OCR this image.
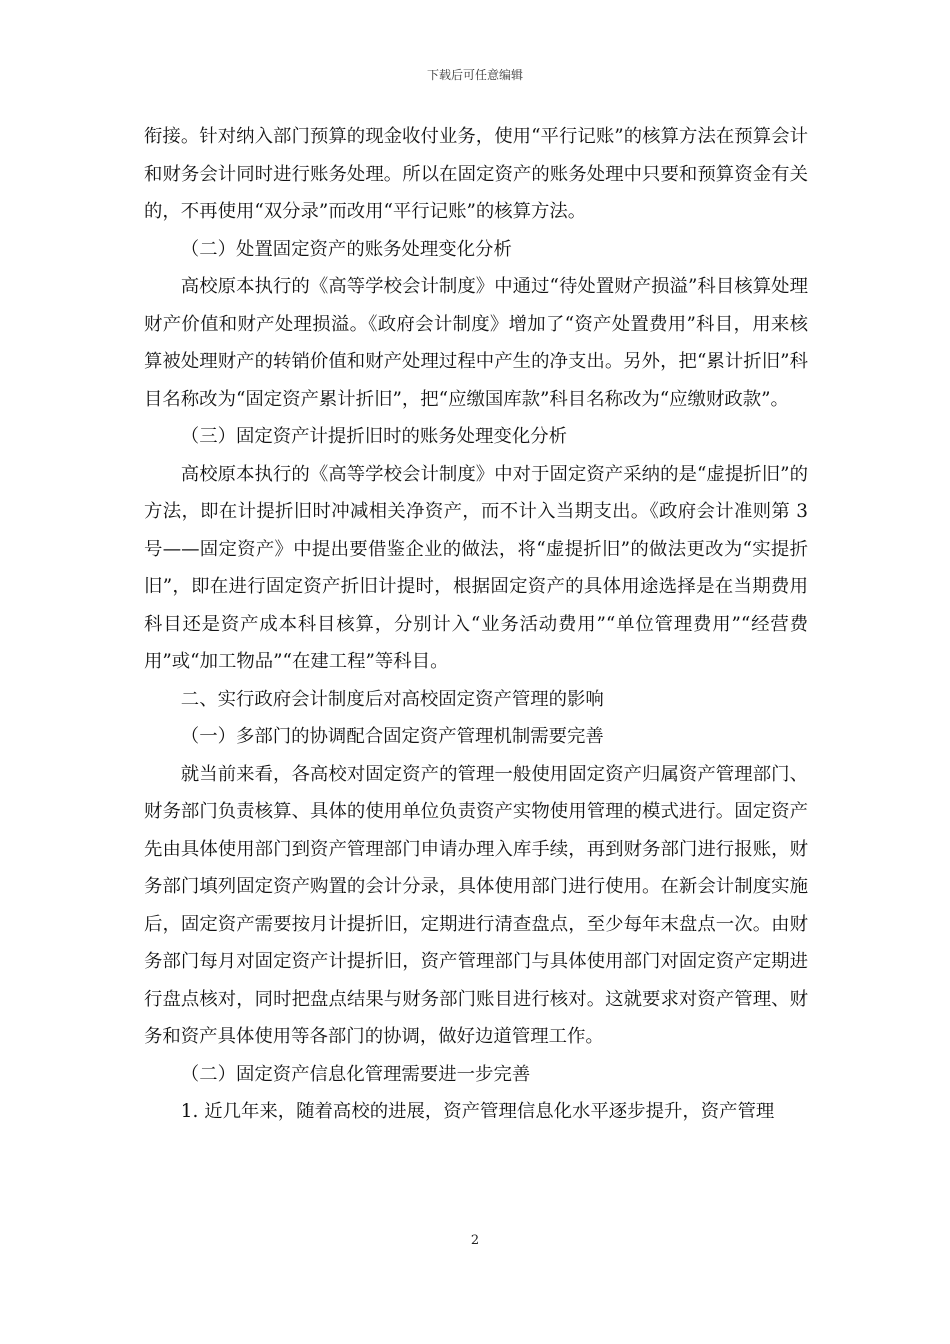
下载后可任意编辑

衔接。针对纳入部门预算的现金收付业务，使用“平行记账”的核算方法在预算会计和财务会计同时进行账务处理。所以在固定资产的账务处理中只要和预算资金有关的，不再使用“双分录”而改用“平行记账”的核算方法。

（二）处置固定资产的账务处理变化分析

高校原本执行的《高等学校会计制度》中通过“待处置财产损溢”科目核算处理财产价值和财产处理损溢。《政府会计制度》增加了“资产处置费用”科目，用来核算被处理财产的转销价值和财产处理过程中产生的净支出。另外，把“累计折旧”科目名称改为“固定资产累计折旧”，把“应缴国库款”科目名称改为“应缴财政款”。

（三）固定资产计提折旧时的账务处理变化分析

高校原本执行的《高等学校会计制度》中对于固定资产采纳的是“虚提折旧”的方法，即在计提折旧时冲减相关净资产，而不计入当期支出。《政府会计准则第 3 号——固定资产》中提出要借鉴企业的做法，将“虚提折旧”的做法更改为“实提折旧”，即在进行固定资产折旧计提时，根据固定资产的具体用途选择是在当期费用科目还是资产成本科目核算，分别计入“业务活动费用”“单位管理费用”“经营费用”或“加工物品”“在建工程”等科目。

二、实行政府会计制度后对高校固定资产管理的影响

（一）多部门的协调配合固定资产管理机制需要完善

就当前来看，各高校对固定资产的管理一般使用固定资产归属资产管理部门、财务部门负责核算、具体的使用单位负责资产实物使用管理的模式进行。固定资产先由具体使用部门到资产管理部门申请办理入库手续，再到财务部门进行报账，财务部门填列固定资产购置的会计分录，具体使用部门进行使用。在新会计制度实施后，固定资产需要按月计提折旧，定期进行清查盘点，至少每年末盘点一次。由财务部门每月对固定资产计提折旧，资产管理部门与具体使用部门对固定资产定期进行盘点核对，同时把盘点结果与财务部门账目进行核对。这就要求对资产管理、财务和资产具体使用等各部门的协调，做好边道管理工作。

（二）固定资产信息化管理需要进一步完善

1. 近几年来，随着高校的进展，资产管理信息化水平逐步提升，资产管理

2
